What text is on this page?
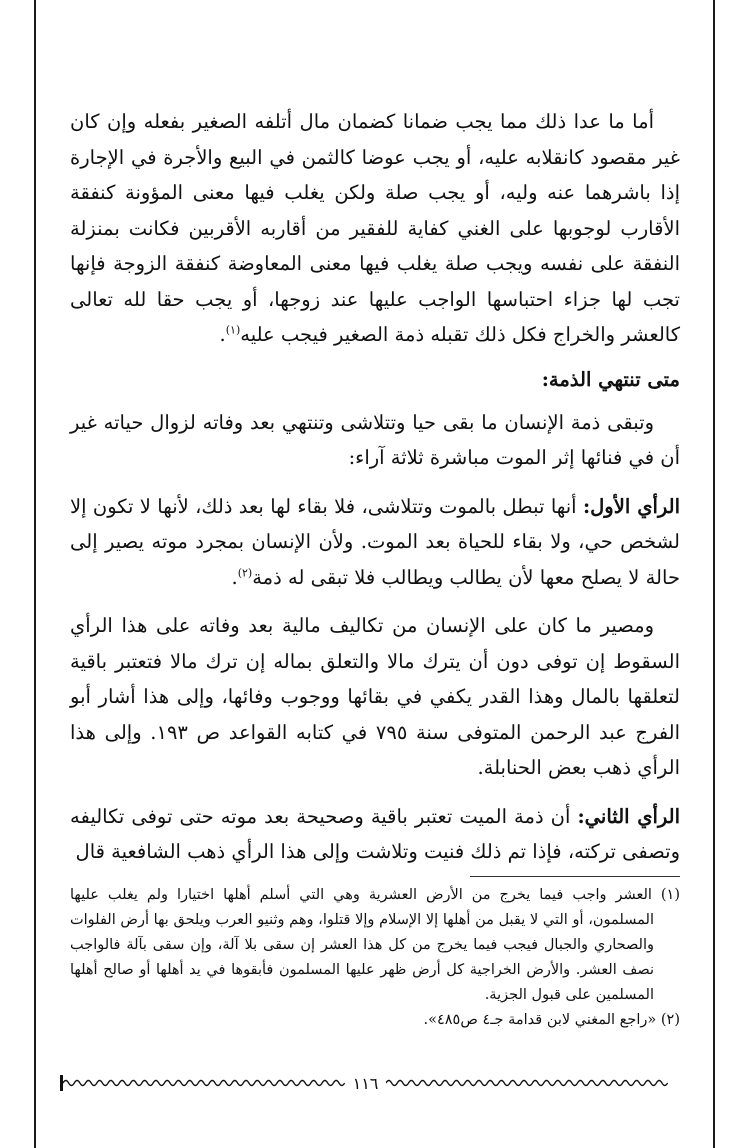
أما ما عدا ذلك مما يجب ضمانا كضمان مال أتلفه الصغير بفعله وإن كان غير مقصود كانقلابه عليه، أو يجب عوضا كالثمن في البيع والأجرة في الإجارة إذا باشرهما عنه وليه، أو يجب صلة ولكن يغلب فيها معنى المؤونة كنفقة الأقارب لوجوبها على الغني كفاية للفقير من أقاربه الأقربين فكانت بمنزلة النفقة على نفسه ويجب صلة يغلب فيها معنى المعاوضة كنفقة الزوجة فإنها تجب لها جزاء احتباسها الواجب عليها عند زوجها، أو يجب حقا لله تعالى كالعشر والخراج فكل ذلك تقبله ذمة الصغير فيجب عليه$^{(١)}$.

متى تنتهي الذمة:

وتبقى ذمة الإنسان ما بقى حيا وتتلاشى وتنتهي بعد وفاته لزوال حياته غير أن في فنائها إثر الموت مباشرة ثلاثة آراء:

الرأي الأول: أنها تبطل بالموت وتتلاشى، فلا بقاء لها بعد ذلك، لأنها لا تكون إلا لشخص حي، ولا بقاء للحياة بعد الموت. ولأن الإنسان بمجرد موته يصير إلى حالة لا يصلح معها لأن يطالب ويطالب فلا تبقى له ذمة$^{(٢)}$.

ومصير ما كان على الإنسان من تكاليف مالية بعد وفاته على هذا الرأي السقوط إن توفى دون أن يترك مالا والتعلق بماله إن ترك مالا فتعتبر باقية لتعلقها بالمال وهذا القدر يكفي في بقائها ووجوب وفائها، وإلى هذا أشار أبو الفرج عبد الرحمن المتوفى سنة ٧٩٥ في كتابه القواعد ص ١٩٣. وإلى هذا الرأي ذهب بعض الحنابلة.

الرأي الثاني: أن ذمة الميت تعتبر باقية وصحيحة بعد موته حتى توفى تكاليفه وتصفى تركته، فإذا تم ذلك فنيت وتلاشت وإلى هذا الرأي ذهب الشافعية قال

(١) العشر واجب فيما يخرج من الأرض العشرية وهي التي أسلم أهلها اختيارا ولم يغلب عليها المسلمون، أو التي لا يقبل من أهلها إلا الإسلام وإلا قتلوا، وهم وثنيو العرب ويلحق بها أرض الفلوات والصحاري والجبال فيجب فيما يخرج من كل هذا العشر إن سقى بلا آلة، وإن سقى بآلة فالواجب نصف العشر. والأرض الخراجية كل أرض ظهر عليها المسلمون فأبقوها في يد أهلها أو صالح أهلها المسلمين على قبول الجزية.

(٢) «راجع المغني لابن قدامة جـ٤ ص٤٨٥».

١١٦
